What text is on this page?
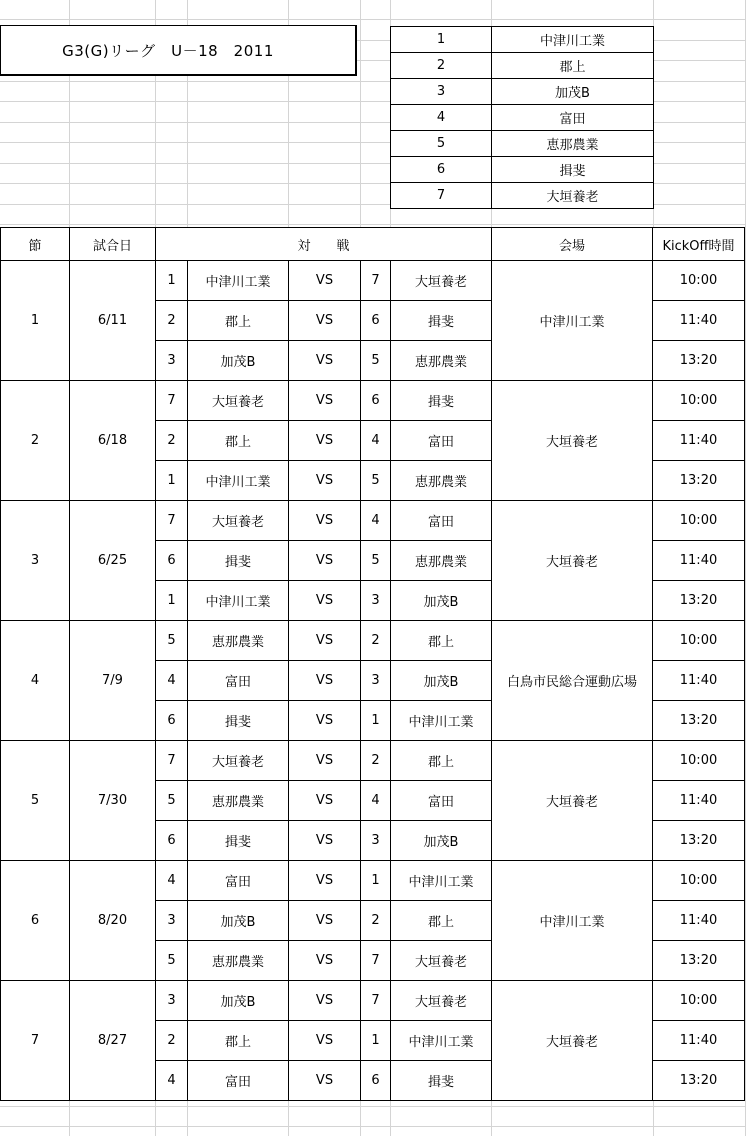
G3(G)リーグ　U－18　2011
1	中津川工業
2	郡上
3	加茂B
4	富田
5	恵那農業
6	揖斐
7	大垣養老
節	試合日	対　　戦					会場	KickOff時間
1	6/11	1	中津川工業	VS	7	大垣養老	中津川工業	10:00
		2	郡上	VS	6	揖斐		11:40
		3	加茂B	VS	5	恵那農業		13:20
2	6/18	7	大垣養老	VS	6	揖斐	大垣養老	10:00
		2	郡上	VS	4	富田		11:40
		1	中津川工業	VS	5	恵那農業		13:20
3	6/25	7	大垣養老	VS	4	富田	大垣養老	10:00
		6	揖斐	VS	5	恵那農業		11:40
		1	中津川工業	VS	3	加茂B		13:20
4	7/9	5	恵那農業	VS	2	郡上	白鳥市民総合運動広場	10:00
		4	富田	VS	3	加茂B		11:40
		6	揖斐	VS	1	中津川工業		13:20
5	7/30	7	大垣養老	VS	2	郡上	大垣養老	10:00
		5	恵那農業	VS	4	富田		11:40
		6	揖斐	VS	3	加茂B		13:20
6	8/20	4	富田	VS	1	中津川工業	中津川工業	10:00
		3	加茂B	VS	2	郡上		11:40
		5	恵那農業	VS	7	大垣養老		13:20
7	8/27	3	加茂B	VS	7	大垣養老	大垣養老	10:00
		2	郡上	VS	1	中津川工業		11:40
		4	富田	VS	6	揖斐		13:20
